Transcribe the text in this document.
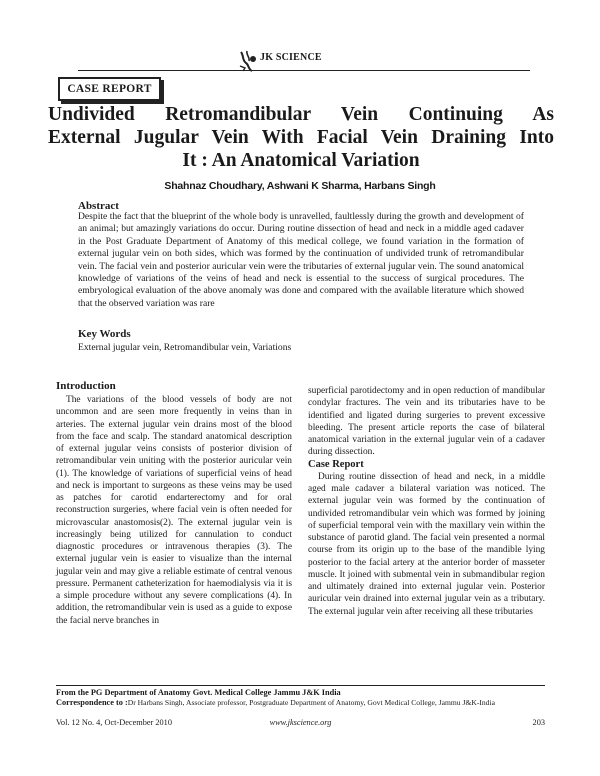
JK SCIENCE
CASE REPORT
Undivided Retromandibular Vein Continuing As
External Jugular Vein With Facial Vein Draining Into
It : An Anatomical Variation
Shahnaz Choudhary, Ashwani K Sharma, Harbans Singh
Abstract
Despite the fact that the blueprint of the whole body is unravelled, faultlessly during the growth and development of an animal; but amazingly variations do occur. During routine dissection of head and neck in a middle aged cadaver in the Post Graduate Department of Anatomy of this medical college, we found variation in the formation of external jugular vein on both sides, which was formed by the continuation of undivided trunk of retromandibular vein. The facial vein and posterior auricular vein were the tributaries of external jugular vein. The sound anatomical knowledge of variations of the veins of head and neck is essential to the success of surgical procedures. The embryological evaluation of the above anomaly was done and compared with the available literature which showed that the observed variation was rare
Key Words
External jugular vein, Retromandibular vein, Variations
Introduction

The variations of the blood vessels of body are not uncommon and are seen more frequently in veins than in arteries. The external jugular vein drains most of the blood from the face and scalp. The standard anatomical description of external jugular veins consists of posterior division of retromandibular vein uniting with the posterior auricular vein (1). The knowledge of variations of superficial veins of head and neck is important to surgeons as these veins may be used as patches for carotid endarterectomy and for oral reconstruction surgeries, where facial vein is often needed for microvascular anastomosis(2). The external jugular vein is increasingly being utilized for cannulation to conduct diagnostic procedures or intravenous therapies (3). The external jugular vein is easier to visualize than the internal jugular vein and may give a reliable estimate of central venous pressure. Permanent catheterization for haemodialysis via it is a simple procedure without any severe complications (4). In addition, the retromandibular vein is used as a guide to expose the facial nerve branches in

superficial parotidectomy and in open reduction of mandibular condylar fractures. The vein and its tributaries have to be identified and ligated during surgeries to prevent excessive bleeding. The present article reports the case of bilateral anatomical variation in the external jugular vein of a cadaver during dissection.

Case Report

During routine dissection of head and neck, in a middle aged male cadaver a bilateral variation was noticed. The external jugular vein was formed by the continuation of undivided retromandibular vein which was formed by joining of superficial temporal vein with the maxillary vein within the substance of parotid gland. The facial vein presented a normal course from its origin up to the base of the mandible lying posterior to the facial artery at the anterior border of masseter muscle. It joined with submental vein in submandibular region and ultimately drained into external jugular vein. Posterior auricular vein drained into external jugular vein as a tributary. The external jugular vein after receiving all these tributaries

From the PG Department of Anatomy Govt. Medical College Jammu J&K India
Correspondence to :Dr Harbans Singh, Associate professor, Postgraduate Department of Anatomy, Govt Medical College, Jammu J&K-India
Vol. 12 No. 4, Oct-December 2010	www.jkscience.org	203
